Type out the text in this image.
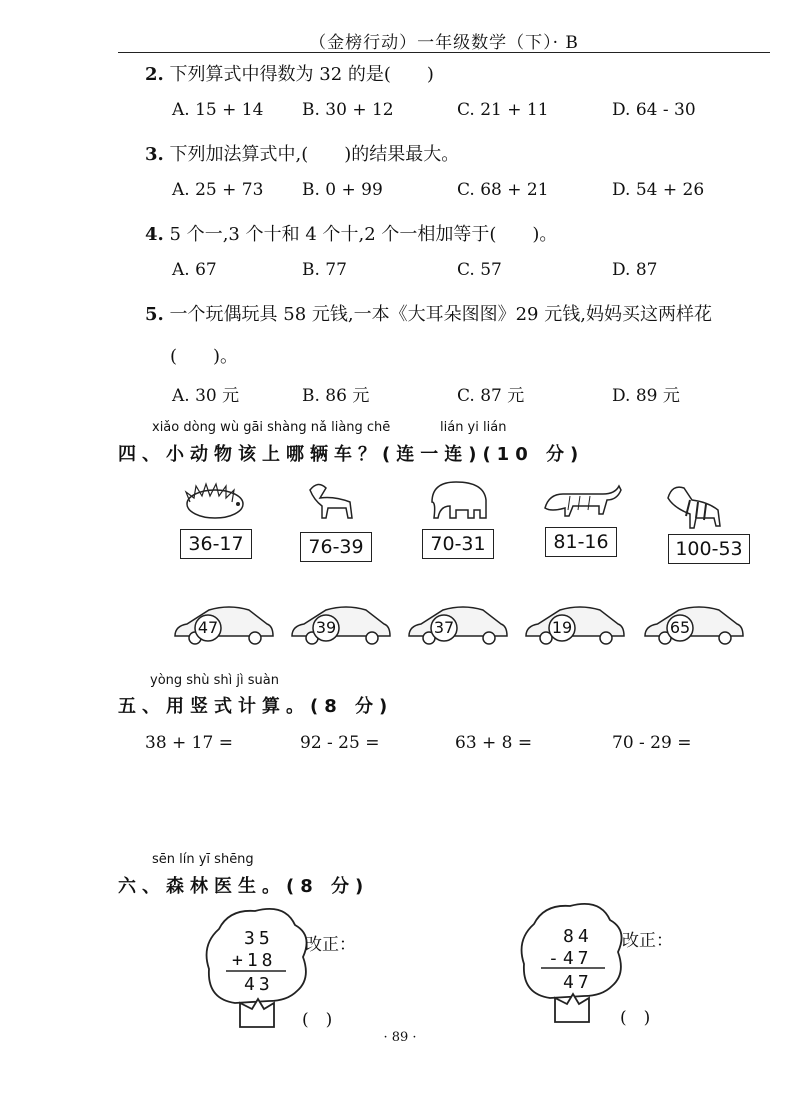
（金榜行动）一年级数学（下）· B
2. 下列算式中得数为 32 的是(　　)
A. 15 + 14 B. 30 + 12	C. 21 + 11	D. 64 - 30
3. 下列加法算式中,(　　)的结果最大。
A. 25 + 73 B. 0 + 99	C. 68 + 21	D. 54 + 26
4. 5 个一,3 个十和 4 个十,2 个一相加等于(　　)。
A. 67	B. 77	C. 57	D. 87
5. 一个玩偶玩具 58 元钱,一本《大耳朵图图》29 元钱,妈妈买这两样花
(　　)。
A. 30 元	B. 86 元	C. 87 元	D. 89 元
xiǎo dòng wù gāi shàng nǎ liàng chē	lián yi lián
四、小动物该上哪辆车？(连一连)(10 分)
36-17	76-39	70-31	81-16	100-53
47	39	37	19	65
yòng shù shì jì suàn
五、用竖式计算。(8 分)
38 + 17 =	92 - 25 =	63 + 8 =	70 - 29 =
sēn lín yī shēng
六、森林医生。(8 分)
35
+18
43
改正：
(　)
84
-47
47
改正：
(　)
· 89 ·
